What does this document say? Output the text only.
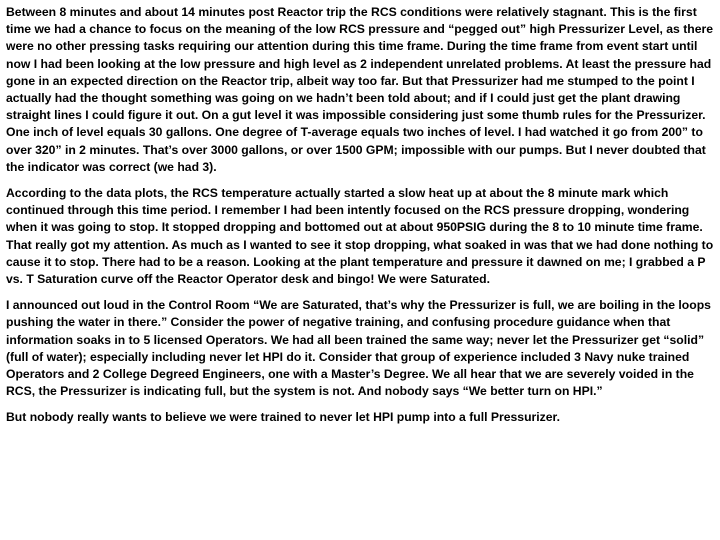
Between 8 minutes and about 14 minutes post Reactor trip the RCS conditions were relatively stagnant. This is the first time we had a chance to focus on the meaning of the low RCS pressure and “pegged out” high Pressurizer Level, as there were no other pressing tasks requiring our attention during this time frame. During the time frame from event start until now I had been looking at the low pressure and high level as 2 independent unrelated problems. At least the pressure had gone in an expected direction on the Reactor trip, albeit way too far. But that Pressurizer had me stumped to the point I actually had the thought something was going on we hadn’t been told about; and if I could just get the plant drawing straight lines I could figure it out. On a gut level it was impossible considering just some thumb rules for the Pressurizer. One inch of level equals 30 gallons. One degree of T-average equals two inches of level. I had watched it go from 200” to over 320” in 2 minutes. That’s over 3000 gallons, or over 1500 GPM; impossible with our pumps. But I never doubted that the indicator was correct (we had 3).

According to the data plots, the RCS temperature actually started a slow heat up at about the 8 minute mark which continued through this time period. I remember I had been intently focused on the RCS pressure dropping, wondering when it was going to stop. It stopped dropping and bottomed out at about 950PSIG during the 8 to 10 minute time frame. That really got my attention. As much as I wanted to see it stop dropping, what soaked in was that we had done nothing to cause it to stop. There had to be a reason. Looking at the plant temperature and pressure it dawned on me; I grabbed a P vs. T Saturation curve off the Reactor Operator desk and bingo! We were Saturated.

I announced out loud in the Control Room “We are Saturated, that’s why the Pressurizer is full, we are boiling in the loops pushing the water in there.” Consider the power of negative training, and confusing procedure guidance when that information soaks in to 5 licensed Operators. We had all been trained the same way; never let the Pressurizer get “solid” (full of water); especially including never let HPI do it. Consider that group of experience included 3 Navy nuke trained Operators and 2 College Degreed Engineers, one with a Master’s Degree. We all hear that we are severely voided in the RCS, the Pressurizer is indicating full, but the system is not. And nobody says “We better turn on HPI.”

But nobody really wants to believe we were trained to never let HPI pump into a full Pressurizer.
